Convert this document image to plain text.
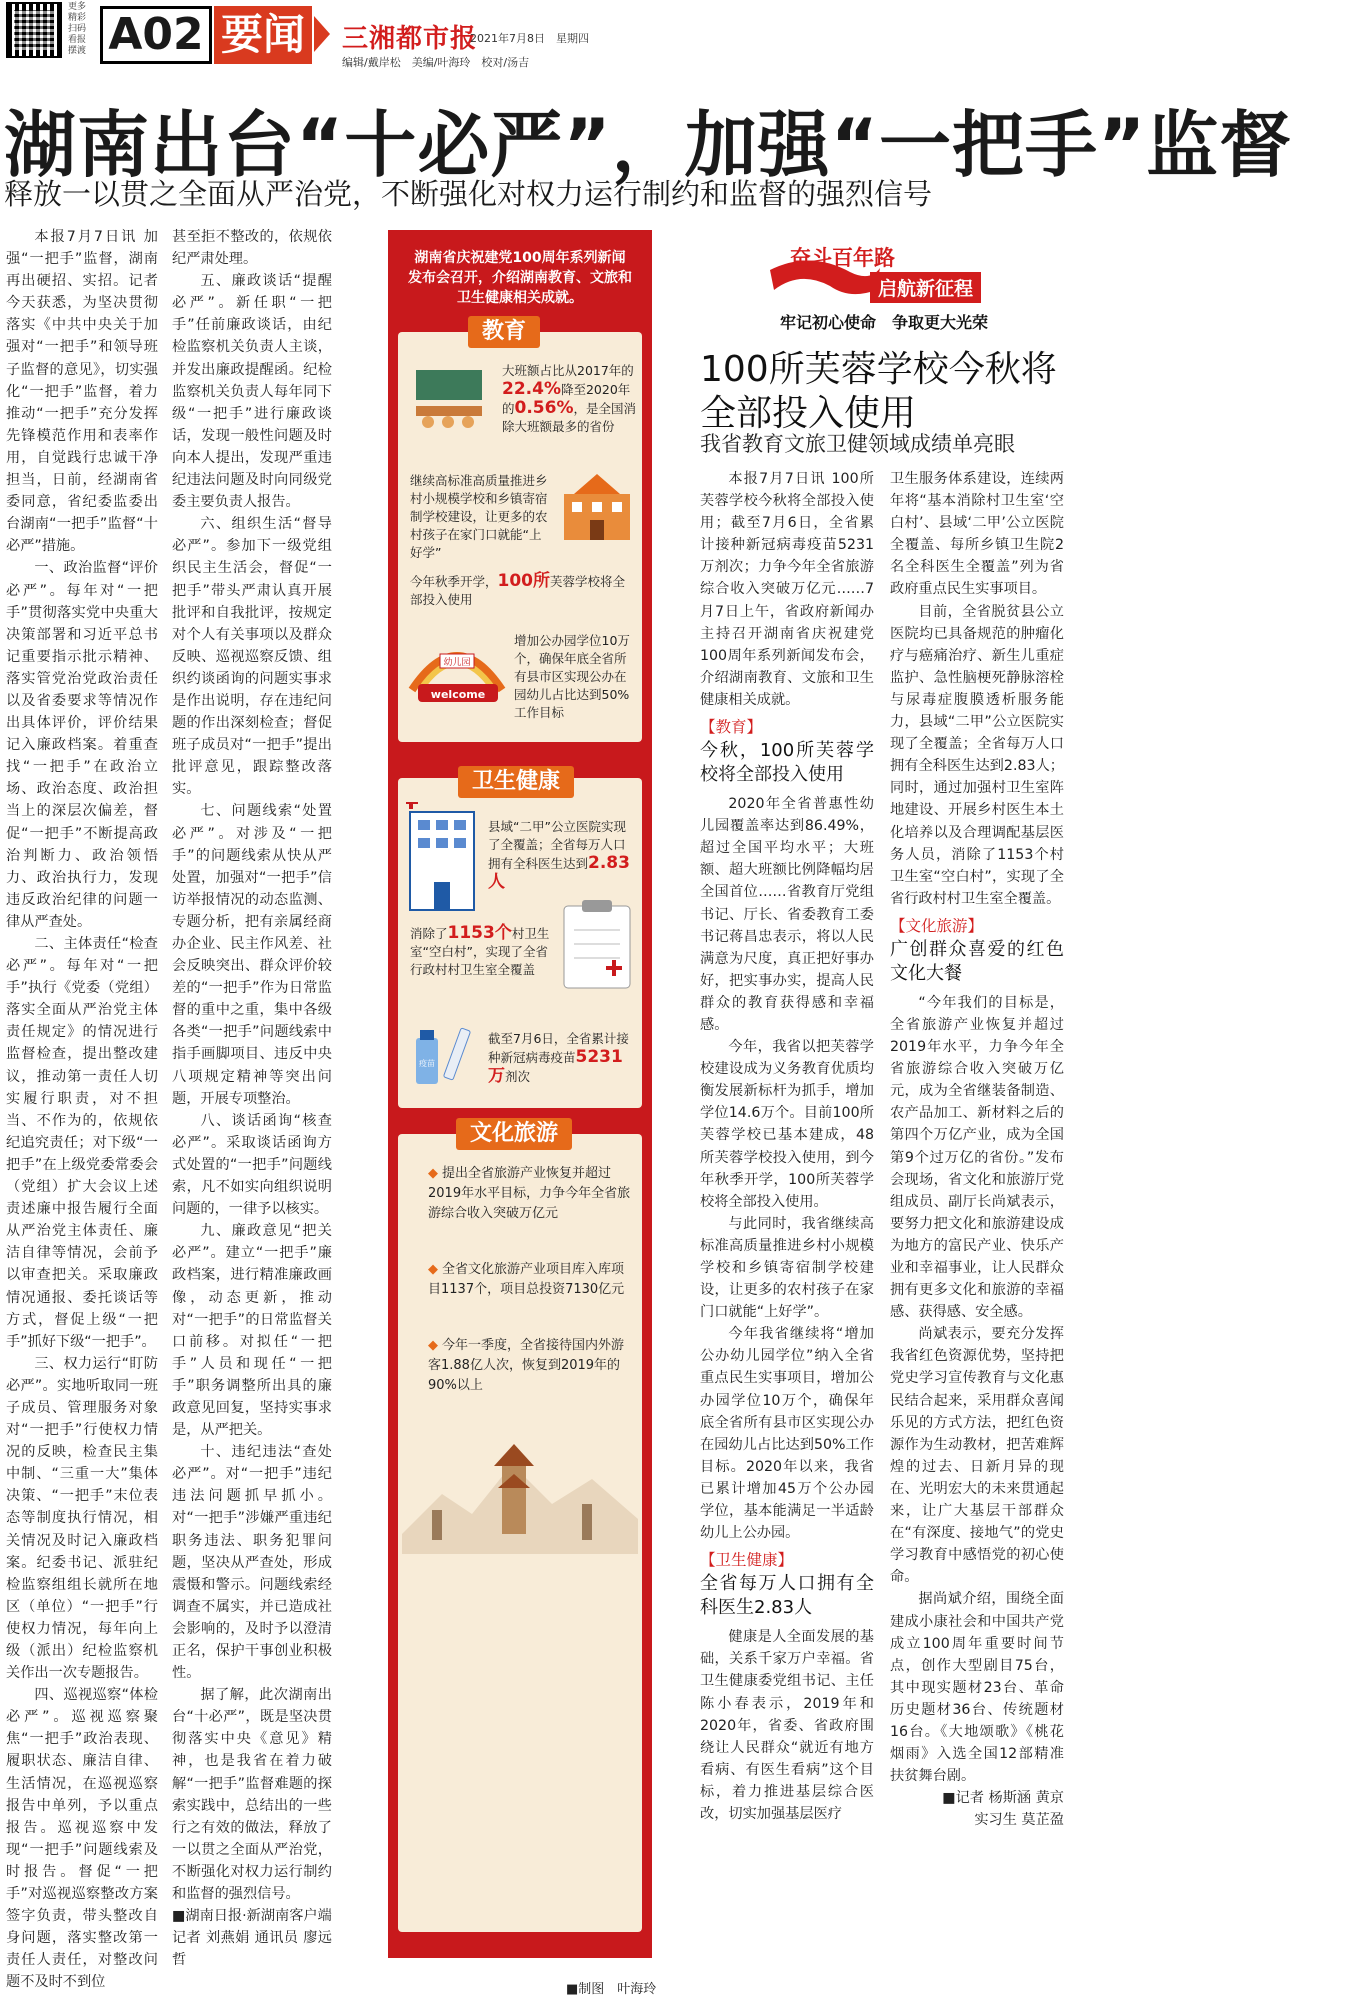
更多精彩扫码看报摆渡 A02 要闻 三湘都市报
2021年7月8日　星期四
编辑/戴岸松　美编/叶海玲　校对/汤吉
湖南出台“十必严”，加强“一把手”监督
释放一以贯之全面从严治党，不断强化对权力运行制约和监督的强烈信号

本报7月7日讯 加强“一把手”监督，湖南再出硬招、实招。记者今天获悉，为坚决贯彻落实《中共中央关于加强对“一把手”和领导班子监督的意见》，切实强化“一把手”监督，着力推动“一把手”充分发挥先锋模范作用和表率作用，自觉践行忠诚干净担当，日前，经湖南省委同意，省纪委监委出台湖南“一把手”监督“十必严”措施。

一、政治监督“评价必严”。每年对“一把手”贯彻落实党中央重大决策部署和习近平总书记重要指示批示精神、落实管党治党政治责任以及省委要求等情况作出具体评价，评价结果记入廉政档案。着重查找“一把手”在政治立场、政治态度、政治担当上的深层次偏差，督促“一把手”不断提高政治判断力、政治领悟力、政治执行力，发现违反政治纪律的问题一律从严查处。

二、主体责任“检查必严”。每年对“一把手”执行《党委（党组）落实全面从严治党主体责任规定》的情况进行监督检查，提出整改建议，推动第一责任人切实履行职责，对不担当、不作为的，依规依纪追究责任；对下级“一把手”在上级党委常委会（党组）扩大会议上述责述廉中报告履行全面从严治党主体责任、廉洁自律等情况，会前予以审查把关。采取廉政情况通报、委托谈话等方式，督促上级“一把手”抓好下级“一把手”。

三、权力运行“盯防必严”。实地听取同一班子成员、管理服务对象对“一把手”行使权力情况的反映，检查民主集中制、“三重一大”集体决策、“一把手”末位表态等制度执行情况，相关情况及时记入廉政档案。纪委书记、派驻纪检监察组组长就所在地区（单位）“一把手”行使权力情况，每年向上级（派出）纪检监察机关作出一次专题报告。

四、巡视巡察“体检必严”。巡视巡察聚焦“一把手”政治表现、履职状态、廉洁自律、生活情况，在巡视巡察报告中单列，予以重点报告。巡视巡察中发现“一把手”问题线索及时报告。督促“一把手”对巡视巡察整改方案签字负责，带头整改自身问题，落实整改第一责任人责任，对整改问题不及时不到位

甚至拒不整改的，依规依纪严肃处理。

五、廉政谈话“提醒必严”。新任职“一把手”任前廉政谈话，由纪检监察机关负责人主谈，并发出廉政提醒函。纪检监察机关负责人每年同下级“一把手”进行廉政谈话，发现一般性问题及时向本人提出，发现严重违纪违法问题及时向同级党委主要负责人报告。

六、组织生活“督导必严”。参加下一级党组织民主生活会，督促“一把手”带头严肃认真开展批评和自我批评，按规定对个人有关事项以及群众反映、巡视巡察反馈、组织约谈函询的问题实事求是作出说明，存在违纪问题的作出深刻检查；督促班子成员对“一把手”提出批评意见，跟踪整改落实。

七、问题线索“处置必严”。对涉及“一把手”的问题线索从快从严处置，加强对“一把手”信访举报情况的动态监测、专题分析，把有亲属经商办企业、民主作风差、社会反映突出、群众评价较差的“一把手”作为日常监督的重中之重，集中各级各类“一把手”问题线索中指手画脚项目、违反中央八项规定精神等突出问题，开展专项整治。

八、谈话函询“核查必严”。采取谈话函询方式处置的“一把手”问题线索，凡不如实向组织说明问题的，一律予以核实。

九、廉政意见“把关必严”。建立“一把手”廉政档案，进行精准廉政画像，动态更新，推动对“一把手”的日常监督关口前移。对拟任“一把手”人员和现任“一把手”职务调整所出具的廉政意见回复，坚持实事求是，从严把关。

十、违纪违法“查处必严”。对“一把手”违纪违法问题抓早抓小。对“一把手”涉嫌严重违纪职务违法、职务犯罪问题，坚决从严查处，形成震慑和警示。问题线索经调查不属实，并已造成社会影响的，及时予以澄清正名，保护干事创业积极性。

据了解，此次湖南出台“十必严”，既是坚决贯彻落实中央《意见》精神，也是我省在着力破解“一把手”监督难题的探索实践中，总结出的一些行之有效的做法，释放了一以贯之全面从严治党，不断强化对权力运行制约和监督的强烈信号。

■湖南日报·新湖南客户端
记者 刘燕娟 通讯员 廖远哲
湖南省庆祝建党100周年系列新闻发布会召开，介绍湖南教育、文旅和卫生健康相关成就。
教育
大班额占比从2017年的22.4%降至2020年的0.56%，是全国消除大班额最多的省份
继续高标准高质量推进乡村小规模学校和乡镇寄宿制学校建设，让更多的农村孩子在家门口就能“上好学”
今年秋季开学，100所芙蓉学校将全部投入使用
幼儿园
welcome
增加公办园学位10万个，确保年底全省所有县市区实现公办在园幼儿占比达到50%工作目标
卫生健康
县域“二甲”公立医院实现了全覆盖；全省每万人口拥有全科医生达到2.83人
消除了1153个村卫生室“空白村”，实现了全省行政村村卫生室全覆盖
疫苗
截至7月6日，全省累计接种新冠病毒疫苗5231万剂次
文化旅游
◆ 提出全省旅游产业恢复并超过2019年水平目标，力争今年全省旅游综合收入突破万亿元
◆ 全省文化旅游产业项目库入库项目1137个，项目总投资7130亿元
◆ 今年一季度，全省接待国内外游客1.88亿人次，恢复到2019年的90%以上
■制图　叶海玲
奋斗百年路
启航新征程
牢记初心使命　争取更大光荣
100所芙蓉学校今秋将全部投入使用
我省教育文旅卫健领域成绩单亮眼

本报7月7日讯 100所芙蓉学校今秋将全部投入使用；截至7月6日，全省累计接种新冠病毒疫苗5231万剂次；力争今年全省旅游综合收入突破万亿元……7月7日上午，省政府新闻办主持召开湖南省庆祝建党100周年系列新闻发布会，介绍湖南教育、文旅和卫生健康相关成就。

【教育】
今秋，100所芙蓉学校将全部投入使用

2020年全省普惠性幼儿园覆盖率达到86.49%，超过全国平均水平；大班额、超大班额比例降幅均居全国首位……省教育厅党组书记、厅长、省委教育工委书记蒋昌忠表示，将以人民满意为尺度，真正把好事办好，把实事办实，提高人民群众的教育获得感和幸福感。

今年，我省以把芙蓉学校建设成为义务教育优质均衡发展新标杆为抓手，增加学位14.6万个。目前100所芙蓉学校已基本建成，48所芙蓉学校投入使用，到今年秋季开学，100所芙蓉学校将全部投入使用。

与此同时，我省继续高标准高质量推进乡村小规模学校和乡镇寄宿制学校建设，让更多的农村孩子在家门口就能“上好学”。

今年我省继续将“增加公办幼儿园学位”纳入全省重点民生实事项目，增加公办园学位10万个，确保年底全省所有县市区实现公办在园幼儿占比达到50%工作目标。2020年以来，我省已累计增加45万个公办园学位，基本能满足一半适龄幼儿上公办园。

【卫生健康】
全省每万人口拥有全科医生2.83人

健康是人全面发展的基础，关系千家万户幸福。省卫生健康委党组书记、主任陈小春表示，2019年和2020年，省委、省政府围绕让人民群众“就近有地方看病、有医生看病”这个目标，着力推进基层综合医改，切实加强基层医疗

卫生服务体系建设，连续两年将“基本消除村卫生室‘空白村’、县域‘二甲’公立医院全覆盖、每所乡镇卫生院2名全科医生全覆盖”列为省政府重点民生实事项目。

目前，全省脱贫县公立医院均已具备规范的肿瘤化疗与癌痛治疗、新生儿重症监护、急性脑梗死静脉溶栓与尿毒症腹膜透析服务能力，县域“二甲”公立医院实现了全覆盖；全省每万人口拥有全科医生达到2.83人；同时，通过加强村卫生室阵地建设、开展乡村医生本土化培养以及合理调配基层医务人员，消除了1153个村卫生室“空白村”，实现了全省行政村村卫生室全覆盖。

【文化旅游】
广创群众喜爱的红色文化大餐

“今年我们的目标是，全省旅游产业恢复并超过2019年水平，力争今年全省旅游综合收入突破万亿元，成为全省继装备制造、农产品加工、新材料之后的第四个万亿产业，成为全国第9个过万亿的省份。”发布会现场，省文化和旅游厅党组成员、副厅长尚斌表示，要努力把文化和旅游建设成为地方的富民产业、快乐产业和幸福事业，让人民群众拥有更多文化和旅游的幸福感、获得感、安全感。

尚斌表示，要充分发挥我省红色资源优势，坚持把党史学习宣传教育与文化惠民结合起来，采用群众喜闻乐见的方式方法，把红色资源作为生动教材，把苦难辉煌的过去、日新月异的现在、光明宏大的未来贯通起来，让广大基层干部群众在“有深度、接地气”的党史学习教育中感悟党的初心使命。

据尚斌介绍，围绕全面建成小康社会和中国共产党成立100周年重要时间节点，创作大型剧目75台，其中现实题材23台、革命历史题材36台、传统题材16台。《大地颂歌》《桃花烟雨》入选全国12部精准扶贫舞台剧。

■记者 杨斯涵 黄京
实习生 莫芷盈
